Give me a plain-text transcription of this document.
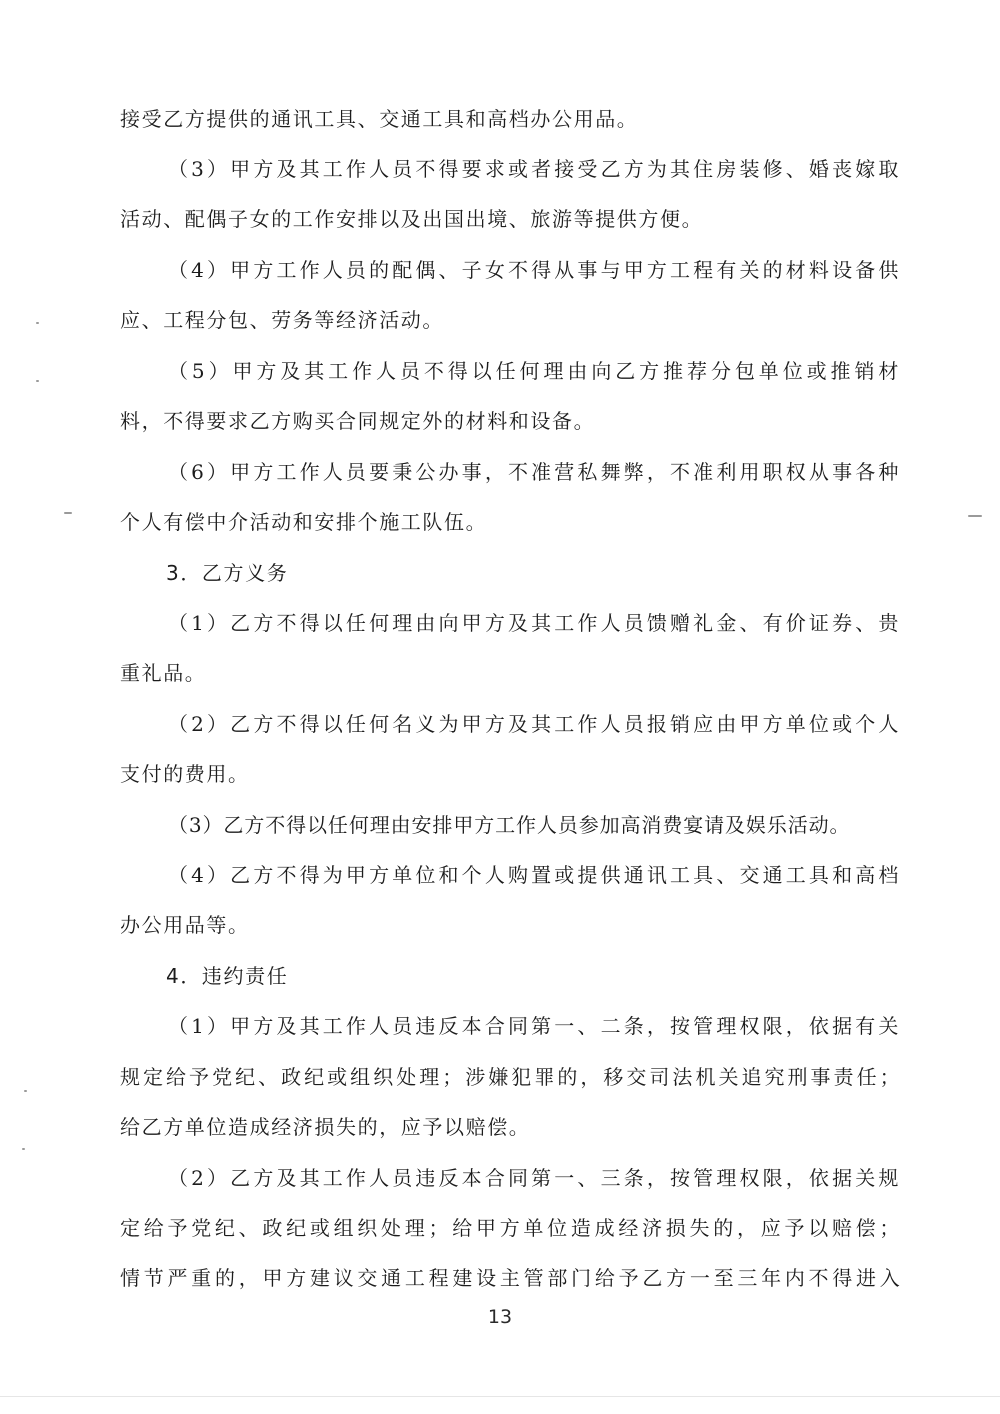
接受乙方提供的通讯工具、交通工具和高档办公用品。
（3）甲方及其工作人员不得要求或者接受乙方为其住房装修、婚丧嫁取
活动、配偶子女的工作安排以及出国出境、旅游等提供方便。
（4）甲方工作人员的配偶、子女不得从事与甲方工程有关的材料设备供
应、工程分包、劳务等经济活动。
（5）甲方及其工作人员不得以任何理由向乙方推荐分包单位或推销材
料，不得要求乙方购买合同规定外的材料和设备。
（6）甲方工作人员要秉公办事，不准营私舞弊，不准利用职权从事各种
个人有偿中介活动和安排个施工队伍。
3．乙方义务
（1）乙方不得以任何理由向甲方及其工作人员馈赠礼金、有价证券、贵
重礼品。
（2）乙方不得以任何名义为甲方及其工作人员报销应由甲方单位或个人
支付的费用。
（3）乙方不得以任何理由安排甲方工作人员参加高消费宴请及娱乐活动。
（4）乙方不得为甲方单位和个人购置或提供通讯工具、交通工具和高档
办公用品等。
4．违约责任
（1）甲方及其工作人员违反本合同第一、二条，按管理权限，依据有关
规定给予党纪、政纪或组织处理；涉嫌犯罪的，移交司法机关追究刑事责任；
给乙方单位造成经济损失的，应予以赔偿。
（2）乙方及其工作人员违反本合同第一、三条，按管理权限，依据关规
定给予党纪、政纪或组织处理；给甲方单位造成经济损失的，应予以赔偿；
情节严重的，甲方建议交通工程建设主管部门给予乙方一至三年内不得进入
13
